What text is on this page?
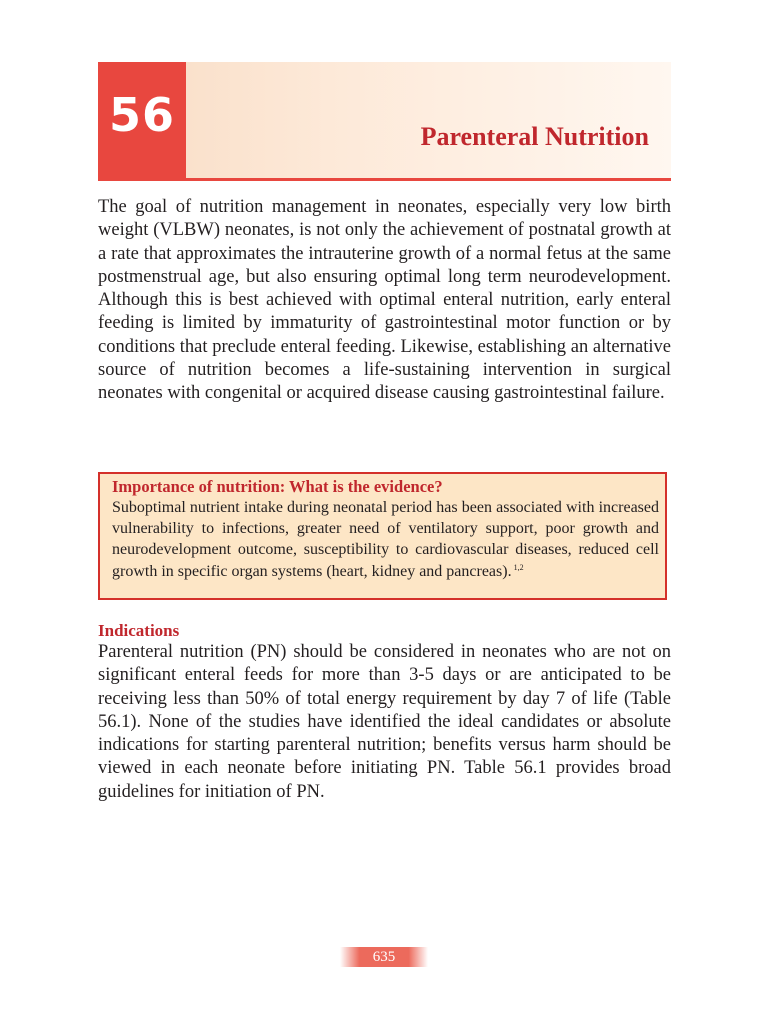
56	Parenteral Nutrition

The goal of nutrition management in neonates, especially very low birth weight (VLBW) neonates, is not only the achievement of postnatal growth at a rate that approximates the intrauterine growth of a normal fetus at the same postmenstrual age, but also ensuring optimal long term neurodevelopment. Although this is best achieved with optimal enteral nutrition, early enteral feeding is limited by immaturity of gastrointestinal motor function or by conditions that preclude enteral feeding. Likewise, establishing an alternative source of nutrition becomes a life-sustaining intervention in surgical neonates with congenital or acquired disease causing gastrointestinal failure.

Importance of nutrition: What is the evidence?

Suboptimal nutrient intake during neonatal period has been associated with increased vulnerability to infections, greater need of ventilatory support, poor growth and neurodevelopment outcome, susceptibility to cardiovascular diseases, reduced cell growth in specific organ systems (heart, kidney and pancreas). $^{1,2}$

Indications

Parenteral nutrition (PN) should be considered in neonates who are not on significant enteral feeds for more than 3-5 days or are anticipated to be receiving less than 50% of total energy requirement by day 7 of life (Table 56.1). None of the studies have identified the ideal candidates or absolute indications for starting parenteral nutrition; benefits versus harm should be viewed in each neonate before initiating PN. Table 56.1 provides broad guidelines for initiation of PN.

635
